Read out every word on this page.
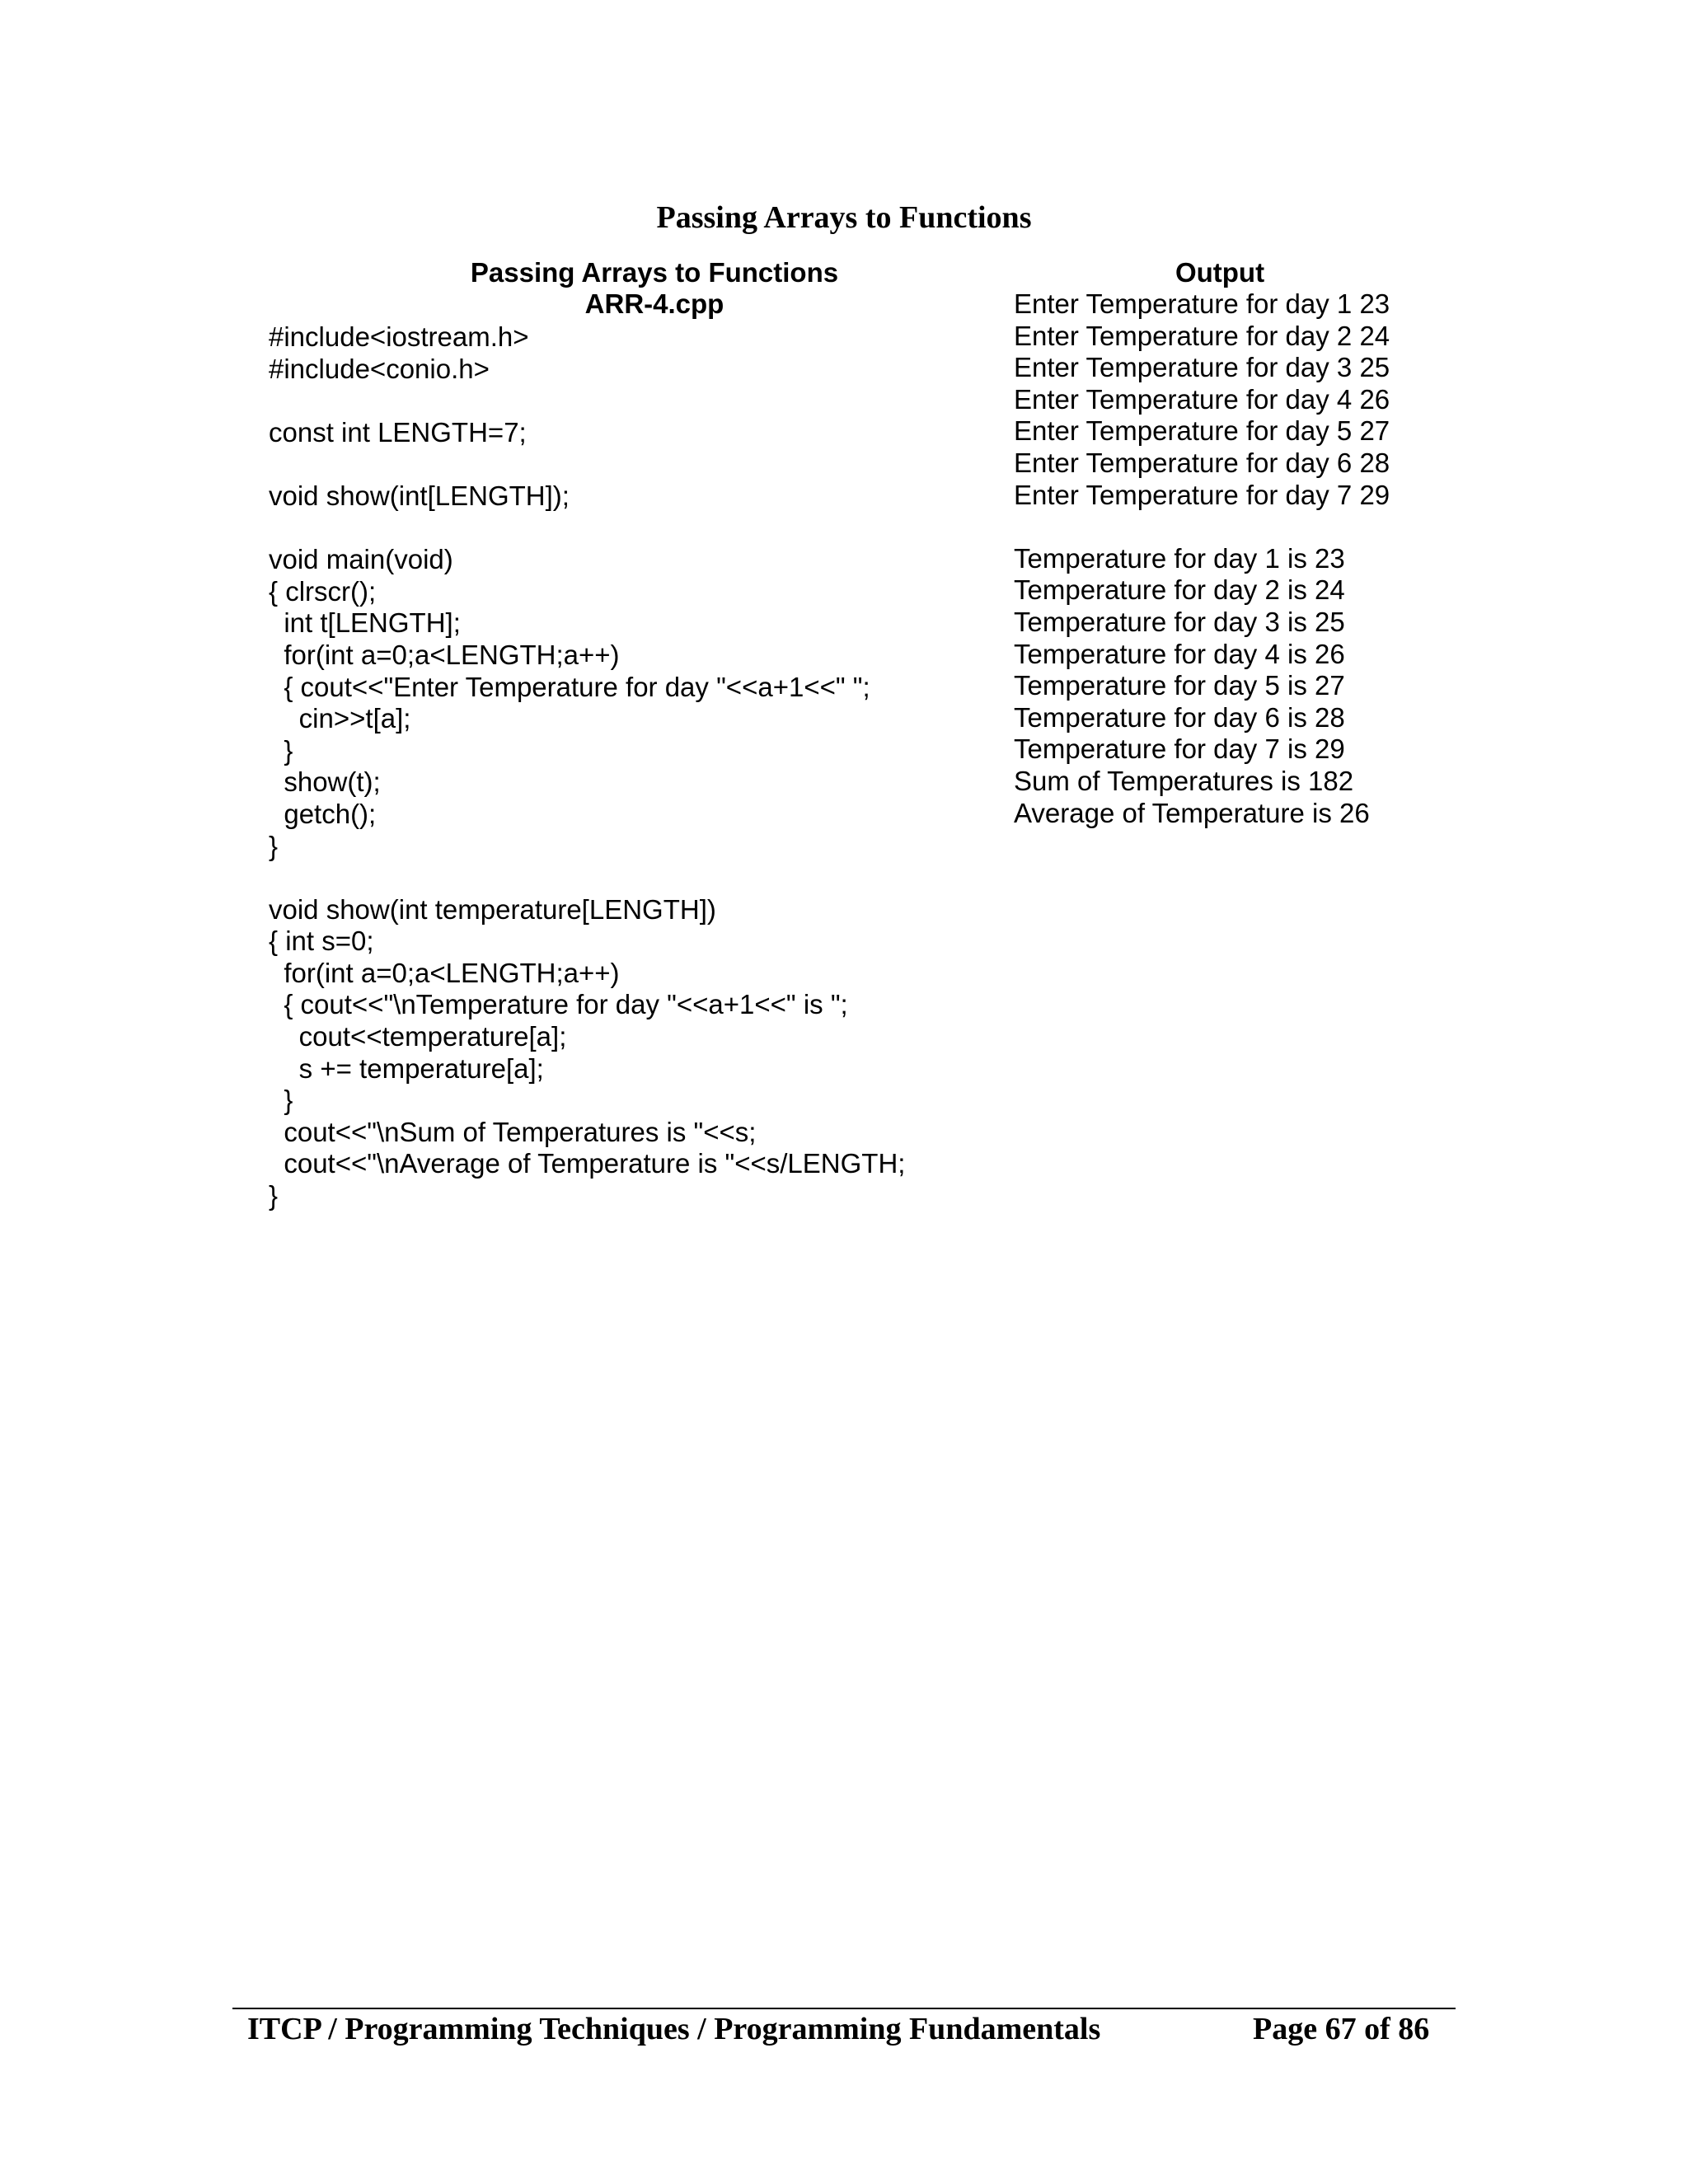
Passing Arrays to Functions
Passing Arrays to Functions
ARR-4.cpp
#include<iostream.h>
#include<conio.h>

const int LENGTH=7;

void show(int[LENGTH]);

void main(void)
{ clrscr();
int t[LENGTH];
for(int a=0;a<LENGTH;a++)
{ cout<<"Enter Temperature for day "<<a+1<<" ";
cin>>t[a];
}
show(t);
getch();
}

void show(int temperature[LENGTH])
{ int s=0;
for(int a=0;a<LENGTH;a++)
{ cout<<"\nTemperature for day "<<a+1<<" is ";
cout<<temperature[a];
s += temperature[a];
}
cout<<"\nSum of Temperatures is "<<s;
cout<<"\nAverage of Temperature is "<<s/LENGTH;
}
Output
Enter Temperature for day 1 23
Enter Temperature for day 2 24
Enter Temperature for day 3 25
Enter Temperature for day 4 26
Enter Temperature for day 5 27
Enter Temperature for day 6 28
Enter Temperature for day 7 29

Temperature for day 1 is 23
Temperature for day 2 is 24
Temperature for day 3 is 25
Temperature for day 4 is 26
Temperature for day 5 is 27
Temperature for day 6 is 28
Temperature for day 7 is 29
Sum of Temperatures is 182
Average of Temperature is 26
ITCP / Programming Techniques / Programming Fundamentals	Page 67 of 86
